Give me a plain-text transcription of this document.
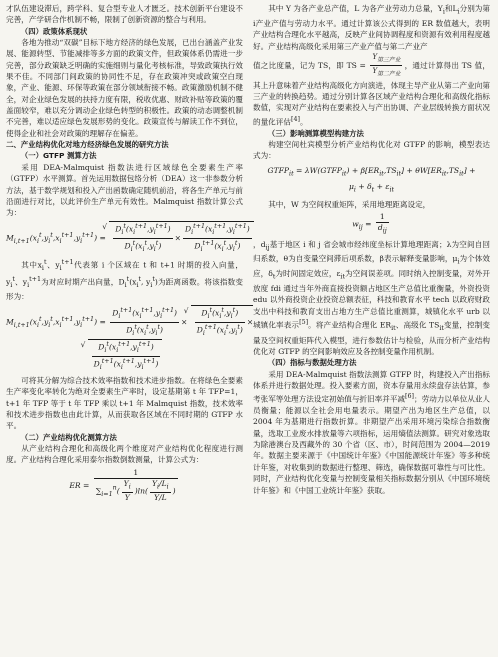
才队伍建设滞后，跨学科、复合型专业人才匮乏。技术创新平台建设不完善，产学研合作机制不畅，限制了创新资源的整合与利用。

（四）政策体系现状

各地为推动“双碳”目标下地方经济的绿色发展，已出台涵盖产业发展、能源转型、节能减排等多方面的政策文件，但政策体系仍需进一步完善，部分政策缺乏明确的实施细则与量化考核标准，导致政策执行效果不佳。不同部门间政策的协同性不足，存在政策冲突或政策空白现象，产业、能源、环保等政策在部分领域衔接不畅。政策激励机制不健全，对企业绿色发展的扶持力度有限，税收优惠、财政补贴等政策的覆盖面较窄，难以充分调动企业绿色转型的积极性。政策的动态调整机制不完善，难以适应绿色发展形势的变化。政策宣传与解读工作不到位，使得企业和社会对政策的理解存在偏差。

二、产业结构优化对地方经济绿色发展的研究方法

（一）GTFP 测算方法

采用 DEA-Malmquist 指数法进行区域绿色全要素生产率（GTFP）水平测算。首先运用数据包络分析（DEA）这一非参数分析方法，基于数学规划和投入产出函数确定随机前沿，将各生产单元与前沿面进行对比，以此评价生产单元有效性。Malmquist 指数计算公式为：

$M_{i,t+1}(x_i^t,y_i^t,x_i^{t+1},y_i^{t+1})$ = √ $\frac{D_i^t(x_i^{t+1},y_i^{t+1})}{D_i^t(x_i^t,y_i^t)} \times \frac{D_i^{t+1}(x_i^{t+1},y_i^{t+1})}{D_i^{t+1}(x_i^t,y_i^t)}$

其中$x_i^t$、$y_i^{t+1}$代表第 i 个区域在 t 和 t+1 时期的投入向量，$y_i^t$、$y_i^{t+1}$为对应时期产出向量，$D_i^t(x_i^t$, $y_i^t$)为距离函数。将该指数变形为：

$M_{i,t+1}(x_i^t,y_i^t,x_i^{t+1},y_i^{t+1}) = \frac{D_i^{t+1}(x_i^{t+1},y_i^{t+1})}{D_i^t(x_i^t,y_i^t)}$ × √ $\frac{D_i^t(x_i^t,y_i^t)}{D_i^{t+1}(x_i^t,y_i^t)}$ ×

√ $\frac{D_i^t(x_i^{t+1},y_i^{t+1})}{D_i^{t+1}(x_i^{t+1},y_i^{t+1})}$

可将其分解为综合技术效率指数和技术进步指数。在将绿色全要素生产率变化率转化为绝对全要素生产率时，设定基期第 t 年 TFP=1，t+1 年 TFP 等于 t 年 TFP 乘以 t+1 年 Malmquist 指数，技术效率和技术进步指数也由此计算，从而获取各区域在不同时期的 GTFP 水平。

（二）产业结构优化测算方法

从产业结构合理化和高级化两个维度对产业结构优化程度进行测度。产业结构合理化采用泰尔指数倒数测量，计算公式为：

ER = $\frac{1}{\sum_{i=1}^n( \frac{Y_i}{Y} )\ln( \frac{Y_i/L_i}{Y/L} )}$

其中 Y 为各产业总产值，L 为各产业劳动力总量，$Y_i$和$L_i$分别为第i产业产值与劳动力水平。通过计算该公式得到的 ER 数值越大，表明产业结构合理化水平越高，反映产业间协调程度和资源有效利用程度越好。产业结构高级化采用第三产业产值与第二产业产

值之比度量，记为 TS，即 TS = $\frac{Y_{第三产业}}{Y_{第二产业}}$ ，通过计算得出 TS 值，其上升意味着产业结构高级化方向演进，体现主导产业从第二产业向第三产业的转换趋势。通过分别计算各区域产业结构合理化和高级化指标数值，实现对产业结构在要素投入与产出协调、产业层级转换方面状况的量化评估[4]。

（三）影响测算模型构建方法

构建空间杜宾模型分析产业结构优化对 GTFP 的影响，模型表达式为：

$GTFP_{it}$ = $\lambda W(GTFP_{it}) + \beta[ER_{it},TS_{it}] + \theta W[ER_{it},TS_{it}]$ +
$\mu_i + \delta_t + \varepsilon_{it}$

其中，W 为空间权重矩阵，采用地理距离设定，

$w_{ij} = \frac{1}{d_{ij}}$

，$d_{ij}$基于地区 i 和 j 省会城市经纬度坐标计算地理距离；λ为空间自回归系数，θ为自变量空间滞后项系数，β表示解释变量影响，$\mu_i$为个体效应，$\delta_t$为时间固定效应，$\varepsilon_{it}$为空间误差项。同时纳入控制变量，对外开放度 fdi 通过当年外商直接投资额占地区生产总值比重衡量，外资投资 edu 以外商投资企业投资总额表征，科技和教育水平 tech 以政府财政支出中科技和教育支出占地方生产总值比重测算，城镇化水平 urb 以城镇化率表示[5]。将产业结构合理化 $ER_{it}$、高级化 $TS_{it}$变量，控制变量及空间权重矩阵代入模型，进行参数估计与检验，从而分析产业结构优化对 GTFP 的空间影响效应及各控制变量作用机制。

（四）指标与数据处理方法

采用 DEA-Malmquist 指数法测算 GTFP 时，构建投入产出指标体系并进行数据处理。投入要素方面，资本存量用永续盘存法估算，参考张军等处理方法设定初始值与折旧率并平减[6]；劳动力以单位从业人员衡量；能源以全社会用电量表示。期望产出为地区生产总值，以 2004 年为基期进行指数折算。非期望产出采用环境污染综合指数衡量，选取工业废水排放量等六项指标，运用熵值法测算。研究对象选取为除港澳台及西藏外的 30 个省（区、市），时间范围为 2004—2019 年。数据主要来源于《中国统计年鉴》《中国能源统计年鉴》等多种统计年鉴，对收集到的数据进行整理、筛选，确保数据可靠性与可比性。同时，产业结构优化变量与控制变量相关指标数据分别从《中国环境统计年鉴》和《中国工业统计年鉴》获取。
